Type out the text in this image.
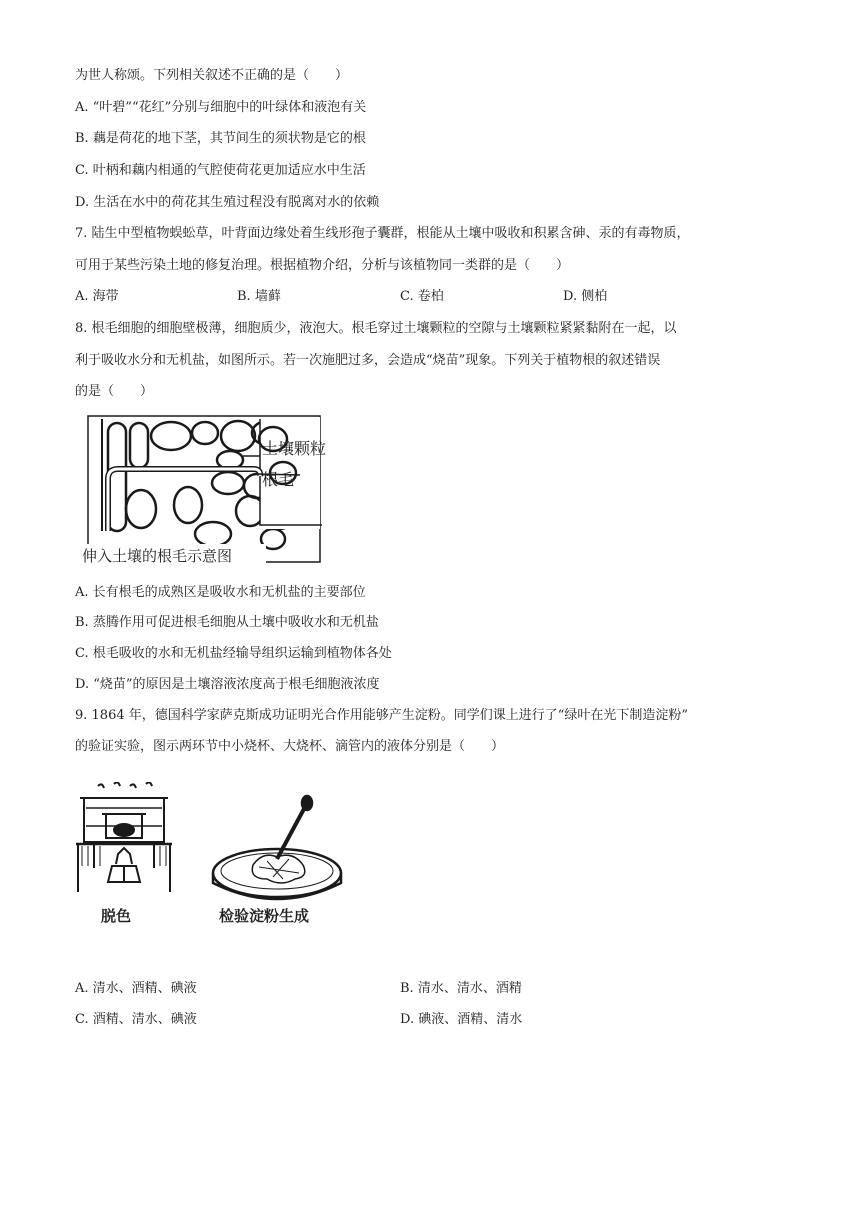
为世人称颂。下列相关叙述不正确的是（　　）
A. “叶碧”“花红”分别与细胞中的叶绿体和液泡有关
B. 藕是荷花的地下茎，其节间生的须状物是它的根
C. 叶柄和藕内相通的气腔使荷花更加适应水中生活
D. 生活在水中的荷花其生殖过程没有脱离对水的依赖
7. 陆生中型植物蜈蚣草，叶背面边缘处着生线形孢子囊群，根能从土壤中吸收和积累含砷、汞的有毒物质，
可用于某些污染土地的修复治理。根据植物介绍，分析与该植物同一类群的是（　　）
A. 海带	B. 墙藓	C. 卷柏	D. 侧柏
8. 根毛细胞的细胞壁极薄，细胞质少，液泡大。根毛穿过土壤颗粒的空隙与土壤颗粒紧紧黏附在一起，以
利于吸收水分和无机盐，如图所示。若一次施肥过多，会造成“烧苗”现象。下列关于植物根的叙述错误
的是（　　）
土壤颗粒
根毛
伸入土壤的根毛示意图
A. 长有根毛的成熟区是吸收水和无机盐的主要部位
B. 蒸腾作用可促进根毛细胞从土壤中吸收水和无机盐
C. 根毛吸收的水和无机盐经输导组织运输到植物体各处
D. “烧苗”的原因是土壤溶液浓度高于根毛细胞液浓度
9. 1864 年，德国科学家萨克斯成功证明光合作用能够产生淀粉。同学们课上进行了“绿叶在光下制造淀粉”
的验证实验，图示两环节中小烧杯、大烧杯、滴管内的液体分别是（　　）
脱色	检验淀粉生成
A. 清水、酒精、碘液	B. 清水、清水、酒精
C. 酒精、清水、碘液	D. 碘液、酒精、清水
